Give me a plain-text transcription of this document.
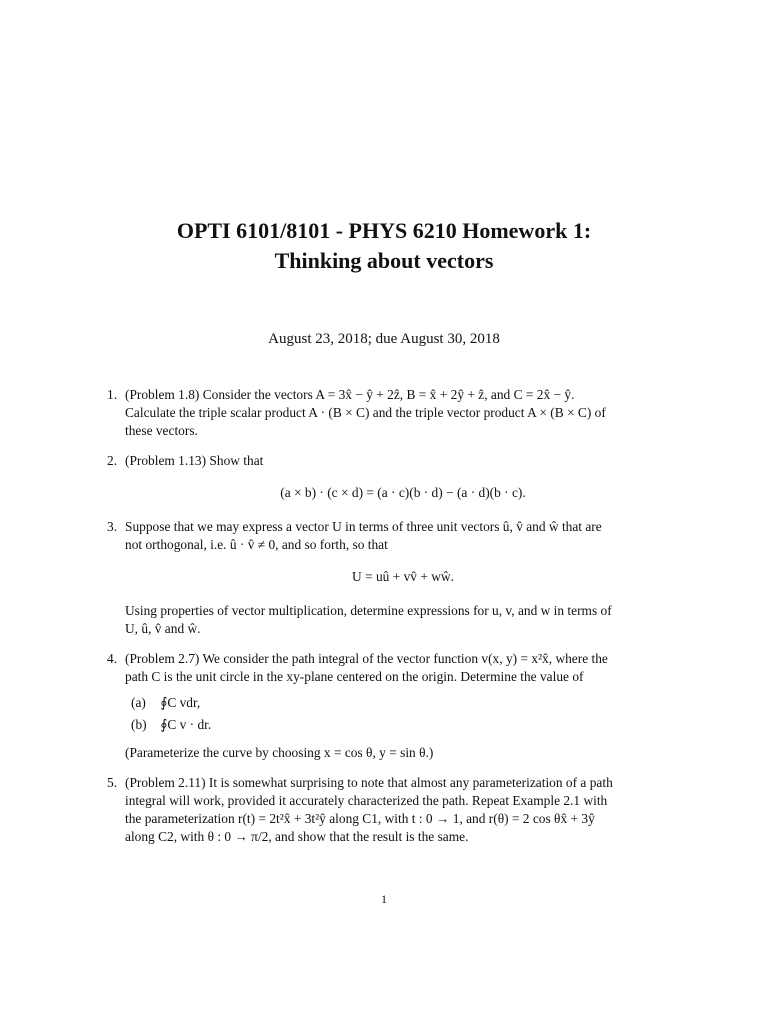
OPTI 6101/8101 - PHYS 6210 Homework 1:
Thinking about vectors
August 23, 2018; due August 30, 2018
1. (Problem 1.8) Consider the vectors A = 3x̂ − ŷ + 2ẑ, B = x̂ + 2ŷ + ẑ, and C = 2x̂ − ŷ.
Calculate the triple scalar product A · (B × C) and the triple vector product A × (B × C) of
these vectors.
2. (Problem 1.13) Show that
(a × b) · (c × d) = (a · c)(b · d) − (a · d)(b · c).
3. Suppose that we may express a vector U in terms of three unit vectors û, v̂ and ŵ that are
not orthogonal, i.e. û · v̂ ≠ 0, and so forth, so that
U = uû + vv̂ + wŵ.
Using properties of vector multiplication, determine expressions for u, v, and w in terms of
U, û, v̂ and ŵ.
4. (Problem 2.7) We consider the path integral of the vector function v(x, y) = x²x̂, where the
path C is the unit circle in the xy-plane centered on the origin. Determine the value of
(a) ∮C vdr,
(b) ∮C v · dr.
(Parameterize the curve by choosing x = cos θ, y = sin θ.)
5. (Problem 2.11) It is somewhat surprising to note that almost any parameterization of a path
integral will work, provided it accurately characterized the path. Repeat Example 2.1 with
the parameterization r(t) = 2t²x̂ + 3t²ŷ along C1, with t : 0 → 1, and r(θ) = 2 cos θx̂ + 3ŷ
along C2, with θ : 0 → π/2, and show that the result is the same.
1
